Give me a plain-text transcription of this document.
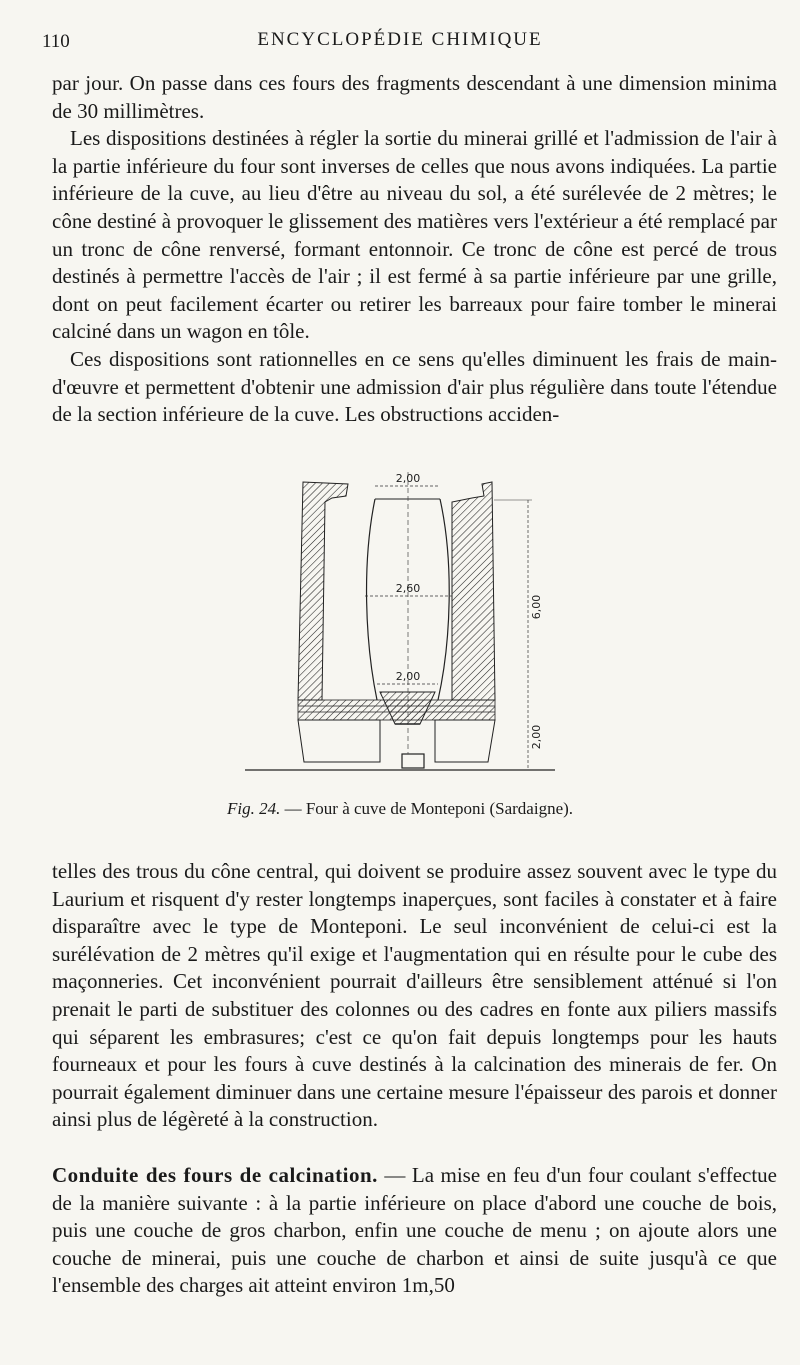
110	ENCYCLOPÉDIE CHIMIQUE

par jour. On passe dans ces fours des fragments descendant à une dimension minima de 30 millimètres.

Les dispositions destinées à régler la sortie du minerai grillé et l'admission de l'air à la partie inférieure du four sont inverses de celles que nous avons indiquées. La partie inférieure de la cuve, au lieu d'être au niveau du sol, a été surélevée de 2 mètres; le cône destiné à provoquer le glissement des matières vers l'extérieur a été remplacé par un tronc de cône renversé, formant entonnoir. Ce tronc de cône est percé de trous destinés à permettre l'accès de l'air ; il est fermé à sa partie inférieure par une grille, dont on peut facilement écarter ou retirer les barreaux pour faire tomber le minerai calciné dans un wagon en tôle.

Ces dispositions sont rationnelles en ce sens qu'elles diminuent les frais de main-d'œuvre et permettent d'obtenir une admission d'air plus régulière dans toute l'étendue de la section inférieure de la cuve. Les obstructions acciden-

2,00
2,60
2,00
6,00
2,00
Fig. 24. — Four à cuve de Monteponi (Sardaigne).

telles des trous du cône central, qui doivent se produire assez souvent avec le type du Laurium et risquent d'y rester longtemps inaperçues, sont faciles à constater et à faire disparaître avec le type de Monteponi. Le seul inconvénient de celui-ci est la surélévation de 2 mètres qu'il exige et l'augmentation qui en résulte pour le cube des maçonneries. Cet inconvénient pourrait d'ailleurs être sensiblement atténué si l'on prenait le parti de substituer des colonnes ou des cadres en fonte aux piliers massifs qui séparent les embrasures; c'est ce qu'on fait depuis longtemps pour les hauts fourneaux et pour les fours à cuve destinés à la calcination des minerais de fer. On pourrait également diminuer dans une certaine mesure l'épaisseur des parois et donner ainsi plus de légèreté à la construction.

Conduite des fours de calcination. — La mise en feu d'un four coulant s'effectue de la manière suivante : à la partie inférieure on place d'abord une couche de bois, puis une couche de gros charbon, enfin une couche de menu ; on ajoute alors une couche de minerai, puis une couche de charbon et ainsi de suite jusqu'à ce que l'ensemble des charges ait atteint environ 1m,50
